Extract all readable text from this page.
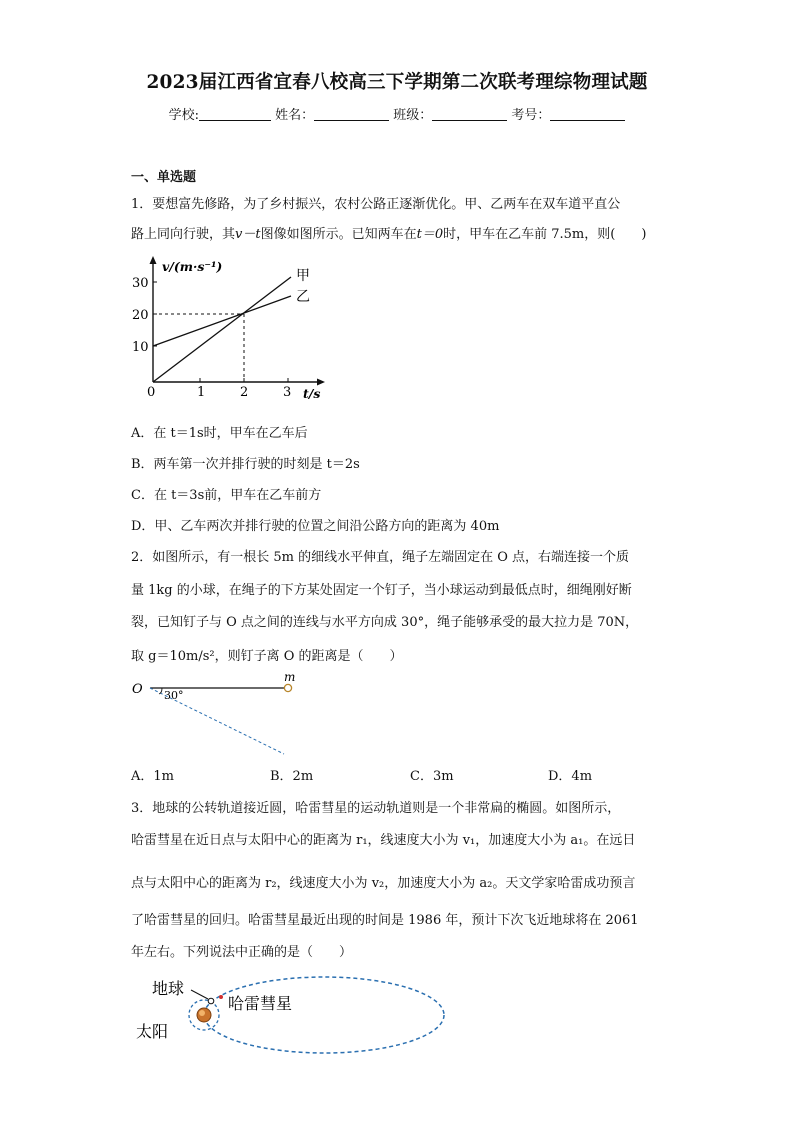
2023届江西省宜春八校高三下学期第二次联考理综物理试题
学校:	姓名：	班级：	考号：
一、单选题
1．要想富先修路，为了乡村振兴，农村公路正逐渐优化。甲、乙两车在双车道平直公
路上同向行驶，其v－t图像如图所示。已知两车在t＝0时，甲车在乙车前 7.5m，则(　　)
v/(m·s⁻¹)
t/s
甲
乙
10
20
30
0	1	2	3
A．在 t＝1s时，甲车在乙车后
B．两车第一次并排行驶的时刻是 t＝2s
C．在 t＝3s前，甲车在乙车前方
D．甲、乙车两次并排行驶的位置之间沿公路方向的距离为 40m
2．如图所示，有一根长 5m 的细线水平伸直，绳子左端固定在 O 点，右端连接一个质
量 1kg 的小球，在绳子的下方某处固定一个钉子，当小球运动到最低点时，细绳刚好断
裂，已知钉子与 O 点之间的连线与水平方向成 30°，绳子能够承受的最大拉力是 70N，
取 g＝10m/s²，则钉子离 O 的距离是（　　）
O
m
30°
A．1m	B．2m	C．3m	D．4m
3．地球的公转轨道接近圆，哈雷彗星的运动轨道则是一个非常扁的椭圆。如图所示，
哈雷彗星在近日点与太阳中心的距离为 r₁，线速度大小为 v₁，加速度大小为 a₁。在远日
点与太阳中心的距离为 r₂，线速度大小为 v₂，加速度大小为 a₂。天文学家哈雷成功预言
了哈雷彗星的回归。哈雷彗星最近出现的时间是 1986 年，预计下次飞近地球将在 2061
年左右。下列说法中正确的是（　　）
地球
太阳
哈雷彗星
